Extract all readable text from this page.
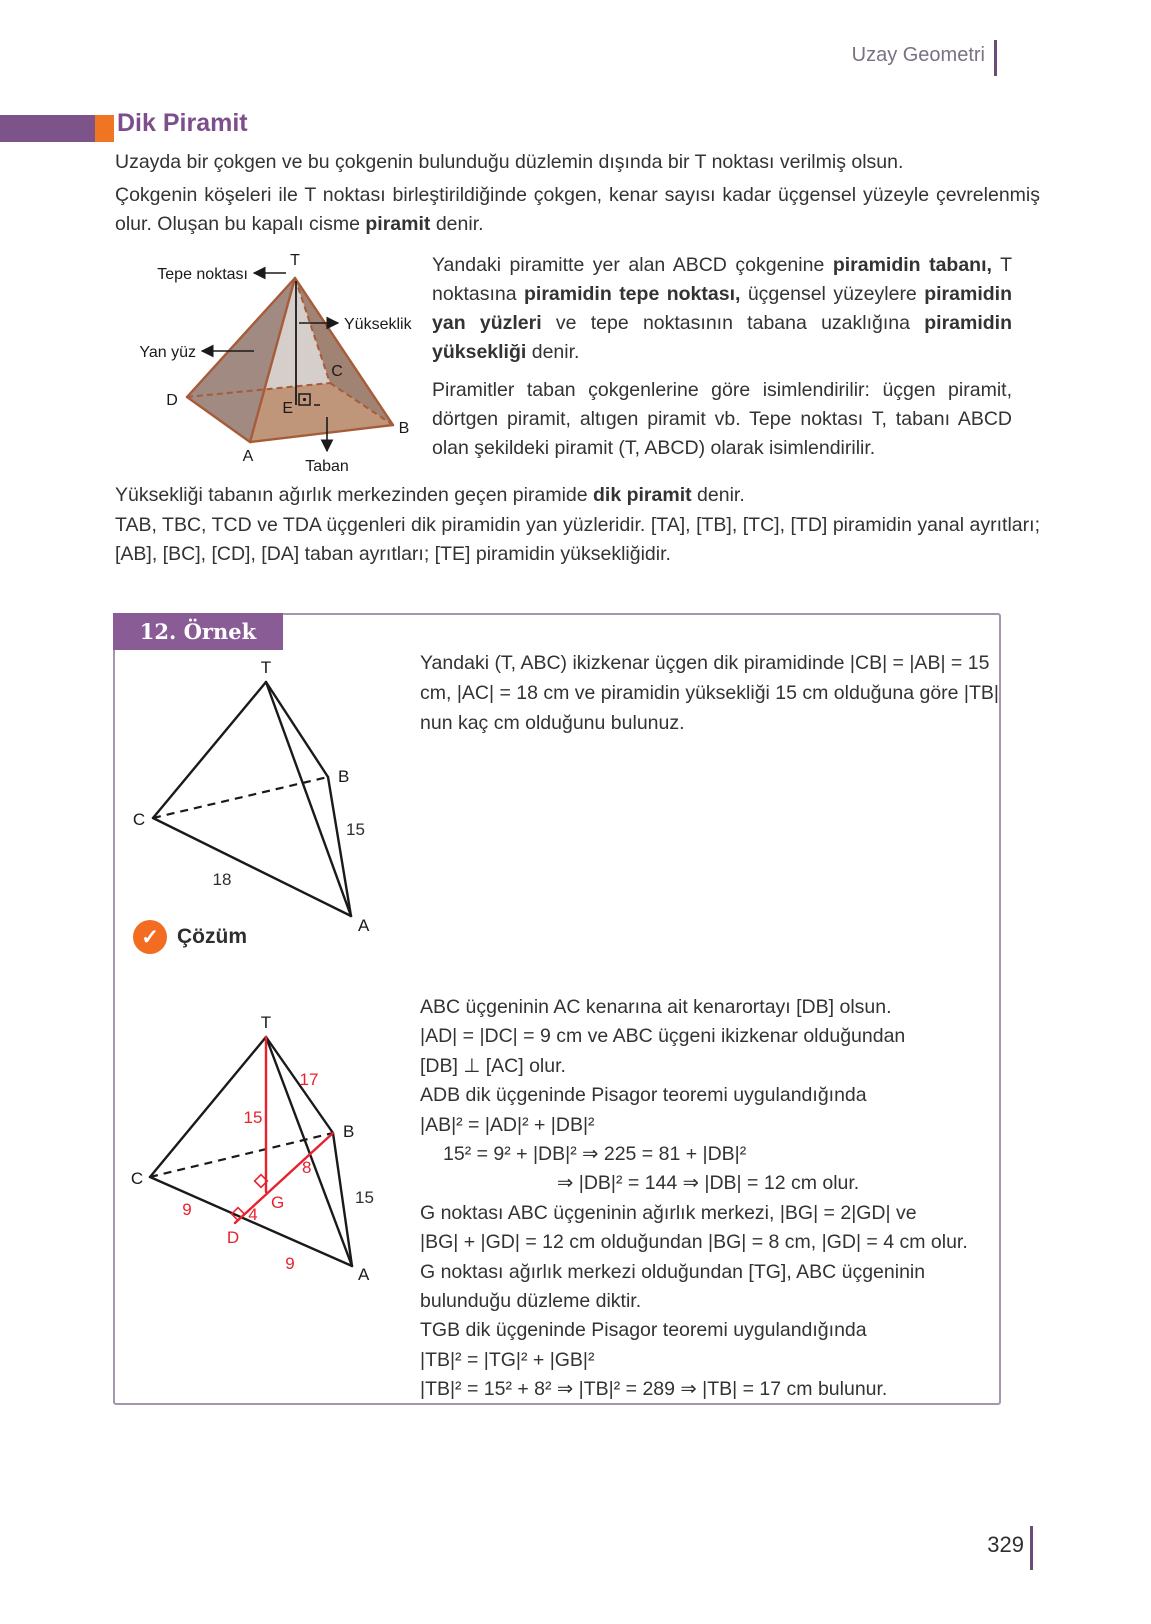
Uzay Geometri
Dik Piramit

Uzayda bir çokgen ve bu çokgenin bulunduğu düzlemin dışında bir T noktası verilmiş olsun.

Çokgenin köşeleri ile T noktası birleştirildiğinde çokgen, kenar sayısı kadar üçgensel yüzeyle çevrelenmiş olur. Oluşan bu kapalı cisme piramit denir.

Tepe noktası
Yükseklik
Yan yüz
Taban
T
D
A
B
C
E

Yandaki piramitte yer alan ABCD çokgenine piramidin tabanı, T noktasına piramidin tepe noktası, üçgensel yüzeylere piramidin yan yüzleri ve tepe noktasının tabana uzaklığına piramidin yüksekliği denir.

Piramitler taban çokgenlerine göre isimlendirilir: üçgen piramit, dörtgen piramit, altıgen piramit vb. Tepe noktası T, tabanı ABCD olan şekildeki piramit (T, ABCD) olarak isimlendirilir.

Yüksekliği tabanın ağırlık merkezinden geçen piramide dik piramit denir.

TAB, TBC, TCD ve TDA üçgenleri dik piramidin yan yüzleridir. [TA], [TB], [TC], [TD] piramidin yanal ayrıtları; [AB], [BC], [CD], [DA] taban ayrıtları; [TE] piramidin yüksekliğidir.

12. Örnek
T
B
C
A
15
18

Yandaki (T, ABC) ikizkenar üçgen dik piramidinde |CB| = |AB| = 15 cm, |AC| = 18 cm ve piramidin yüksekliği 15 cm olduğuna göre |TB| nun kaç cm olduğunu bulunuz.

✓ Çözüm
T
B
C
A
D
G
17
15
8
4
9
9
15
ABC üçgeninin AC kenarına ait kenarortayı [DB] olsun.
|AD| = |DC| = 9 cm ve ABC üçgeni ikizkenar olduğundan
[DB] ⊥ [AC] olur.
ADB dik üçgeninde Pisagor teoremi uygulandığında
|AB|² = |AD|² + |DB|²
15² = 9² + |DB|² ⇒ 225 = 81 + |DB|²
⇒ |DB|² = 144 ⇒ |DB| = 12 cm olur.
G noktası ABC üçgeninin ağırlık merkezi, |BG| = 2|GD| ve
|BG| + |GD| = 12 cm olduğundan |BG| = 8 cm, |GD| = 4 cm olur.
G noktası ağırlık merkezi olduğundan [TG], ABC üçgeninin
bulunduğu düzleme diktir.
TGB dik üçgeninde Pisagor teoremi uygulandığında
|TB|² = |TG|² + |GB|²
|TB|² = 15² + 8² ⇒ |TB|² = 289 ⇒ |TB| = 17 cm bulunur.
329
